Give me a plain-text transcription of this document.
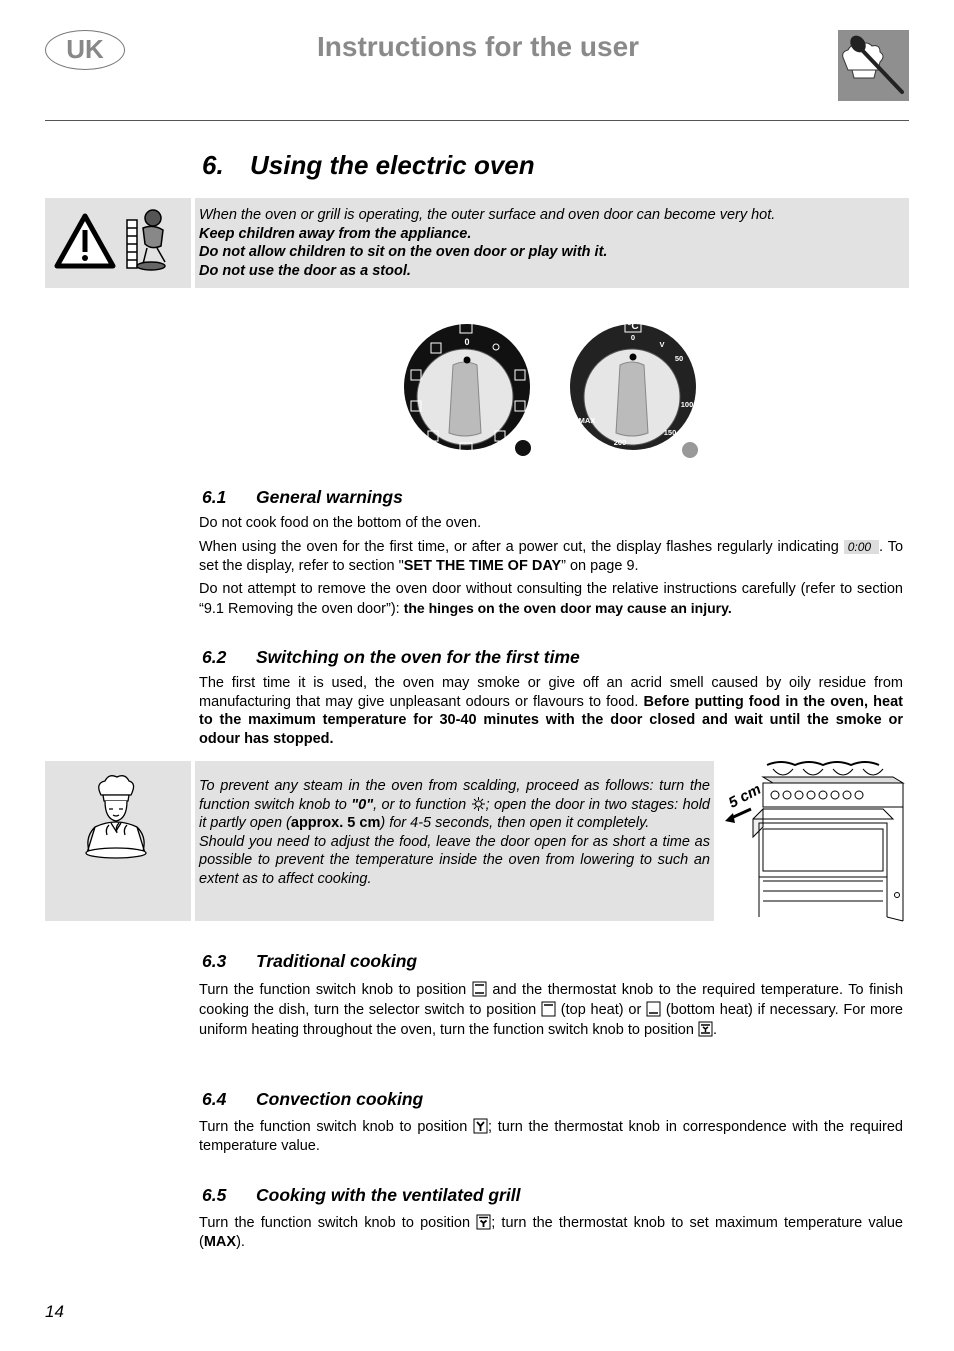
UK	Instructions for the user
6. Using the electric oven
When the oven or grill is operating, the outer surface and oven door can become very hot.
Keep children away from the appliance.
Do not allow children to sit on the oven door or play with it.
Do not use the door as a stool.
0
°C
0
V
50
100
150
200
MAX
6.1 General warnings
Do not cook food on the bottom of the oven.
When using the oven for the first time, or after a power cut, the display flashes regularly indicating 0:00 . To set the display, refer to section "SET THE TIME OF DAY” on page 9.
Do not attempt to remove the oven door without consulting the relative instructions carefully (refer to section “9.1 Removing the oven door”): the hinges on the oven door may cause an injury.
6.2 Switching on the oven for the first time
The first time it is used, the oven may smoke or give off an acrid smell caused by oily residue from manufacturing that may give unpleasant odours or flavours to food. Before putting food in the oven, heat to the maximum temperature for 30-40 minutes with the door closed and wait until the smoke or odour has stopped.
To prevent any steam in the oven from scalding, proceed as follows: turn the function switch knob to "0", or to function ; open the door in two stages: hold it partly open (approx. 5 cm) for 4-5 seconds, then open it completely.
Should you need to adjust the food, leave the door open for as short a time as possible to prevent the temperature inside the oven from lowering to such an extent as to affect cooking.
5 cm
6.3 Traditional cooking
Turn the function switch knob to position and the thermostat knob to the required temperature. To finish cooking the dish, turn the selector switch to position (top heat) or (bottom heat) if necessary. For more uniform heating throughout the oven, turn the function switch knob to position .
6.4 Convection cooking
Turn the function switch knob to position ; turn the thermostat knob in correspondence with the required temperature value.
6.5 Cooking with the ventilated grill
Turn the function switch knob to position ; turn the thermostat knob to set maximum temperature value (MAX).
14
